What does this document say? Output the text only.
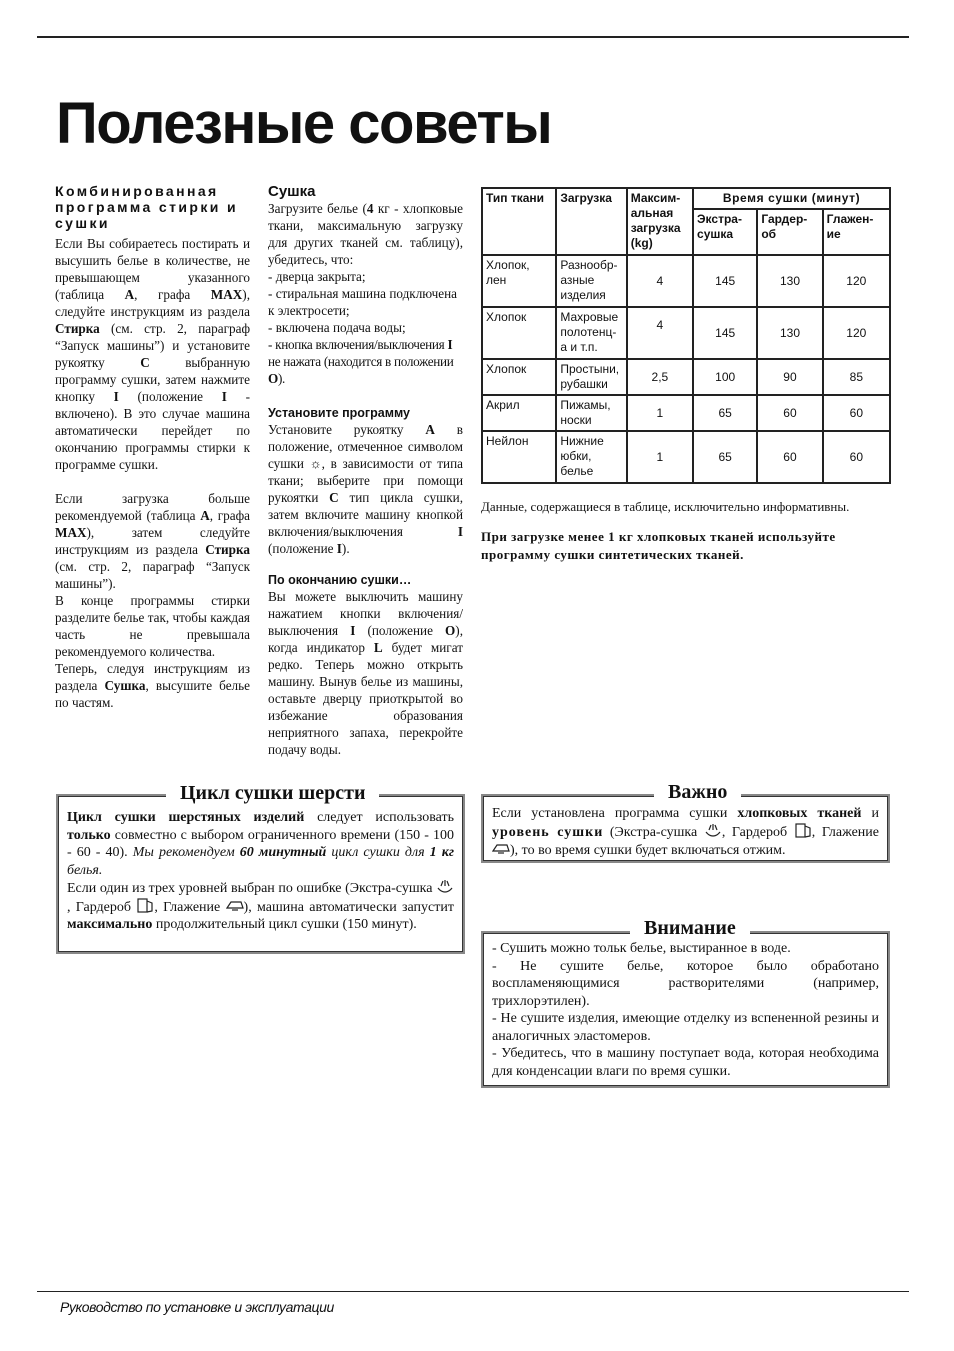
Полезные советы
Комбинированная программа стирки и сушки

Если Вы собираетесь постирать и высушить белье в количестве, не превышающем указанного (таблица А, графа MAX), следуйте инструкциям из раздела Стирка (см. стр. 2, параграф “Запуск машины”) и установите рукоятку С выбранную программу сушки, затем нажмите кнопку I (положение I - включено). В это случае машина автоматически перейдет по окончанию программы стирки к программе сушки.

Если загрузка больше рекомендуемой (таблица А, графа MAX), затем следуйте инструкциям из раздела Стирка (см. стр. 2, параграф “Запуск машины”).

В конце программы стирки разделите белье так, чтобы каждая часть не превышала рекомендуемого количества.

Теперь, следуя инструкциям из раздела Сушка, высушите белье по частям.

Сушка

Загрузите белье (4 кг - хлопковые ткани, максимальную загрузку для других тканей см. таблицу), убедитесь, что:

- дверца закрыта;

- стиральная машина подключена к электросети;

- включена подача воды;

- кнопка включения/выключения I не нажата (находится в положении O).

Установите программу

Установите рукоятку А в положение, отмеченное символом сушки ☼, в зависимости от типа ткани; выберите при помощи рукоятки С тип цикла сушки, затем включите машину кнопкой включения/выключения I (положение I).

По окончанию сушки…

Вы можете выключить машину нажатием кнопки включения/выключения I (положение O), когда индикатор L будет мигат редко. Теперь можно открыть машину. Вынув белье из машины, оставьте дверцу приоткрытой во избежание образования неприятного запаха, перекройте подачу воды.

Тип ткани	Загрузка	Максим-альная загрузка (kg)	Время сушки (минут)		
			Экстра-сушка	Гардер-об	Глажен-ие
Хлопок, лен	Разнообр-азные изделия	4	145	130	120
Хлопок	Махровые полотенц-а и т.п.	4	145	130	120
Хлопок	Простыни, рубашки	2,5	100	90	85
Акрил	Пижамы, носки	1	65	60	60
Нейлон	Нижние юбки, белье	1	65	60	60
Данные, содержащиеся в таблице, исключительно информативны.
При загрузке менее 1 кг хлопковых тканей используйте программу сушки синтетических тканей.

Цикл сушки шерстяных изделий следует использовать только совместно с выбором ограниченного времени (150 - 100 - 60 - 40). Мы рекомендуем 60 минутный цикл сушки для 1 кг белья.

Если один из трех уровней выбран по ошибке (Экстра-сушка , Гардероб , Глажение ), машина автоматически запустит максимально продолжительный цикл сушки (150 минут).

Цикл сушки шерсти

Если установлена программа сушки хлопковых тканей и уровень сушки (Экстра-сушка , Гардероб , Глажение ), то во время сушки будет включаться отжим.

Важно

- Сушить можно тольк белье, выстиранное в воде.

- Не сушите белье, которое было обработано воспламеняющимися растворителями (например, трихлорэтилен).

- Не сушите изделия, имеющие отделку из вспененной резины и аналогичных эластомеров.

- Убедитесь, что в машину поступает вода, которая необходима для конденсации влаги по время сушки.

Внимание
Руководство по установке и эксплуатации
